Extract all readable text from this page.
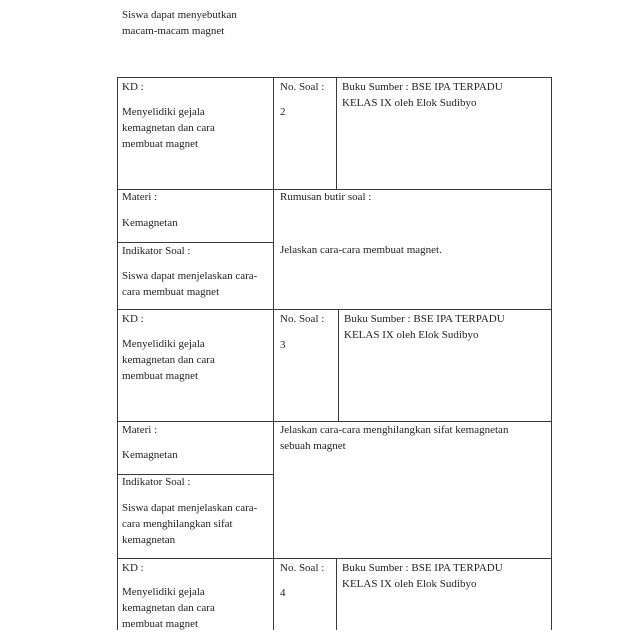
Siswa dapat menyebutkan
macam-macam magnet
KD :
Menyelidiki gejala
kemagnetan dan cara
membuat magnet
No. Soal :
2
Buku Sumber : BSE IPA TERPADU
KELAS IX oleh Elok Sudibyo
Materi :
Kemagnetan
Rumusan butir soal :
Indikator Soal :
Siswa dapat menjelaskan cara-
cara membuat magnet
Jelaskan cara-cara membuat magnet.
KD :
Menyelidiki gejala
kemagnetan dan cara
membuat magnet
No. Soal :
3
Buku Sumber : BSE IPA TERPADU
KELAS IX oleh Elok Sudibyo
Materi :
Kemagnetan
Jelaskan cara-cara menghilangkan sifat kemagnetan
sebuah magnet
Indikator Soal :
Siswa dapat menjelaskan cara-
cara menghilangkan sifat
kemagnetan
KD :
Menyelidiki gejala
kemagnetan dan cara
membuat magnet
No. Soal :
4
Buku Sumber : BSE IPA TERPADU
KELAS IX oleh Elok Sudibyo
